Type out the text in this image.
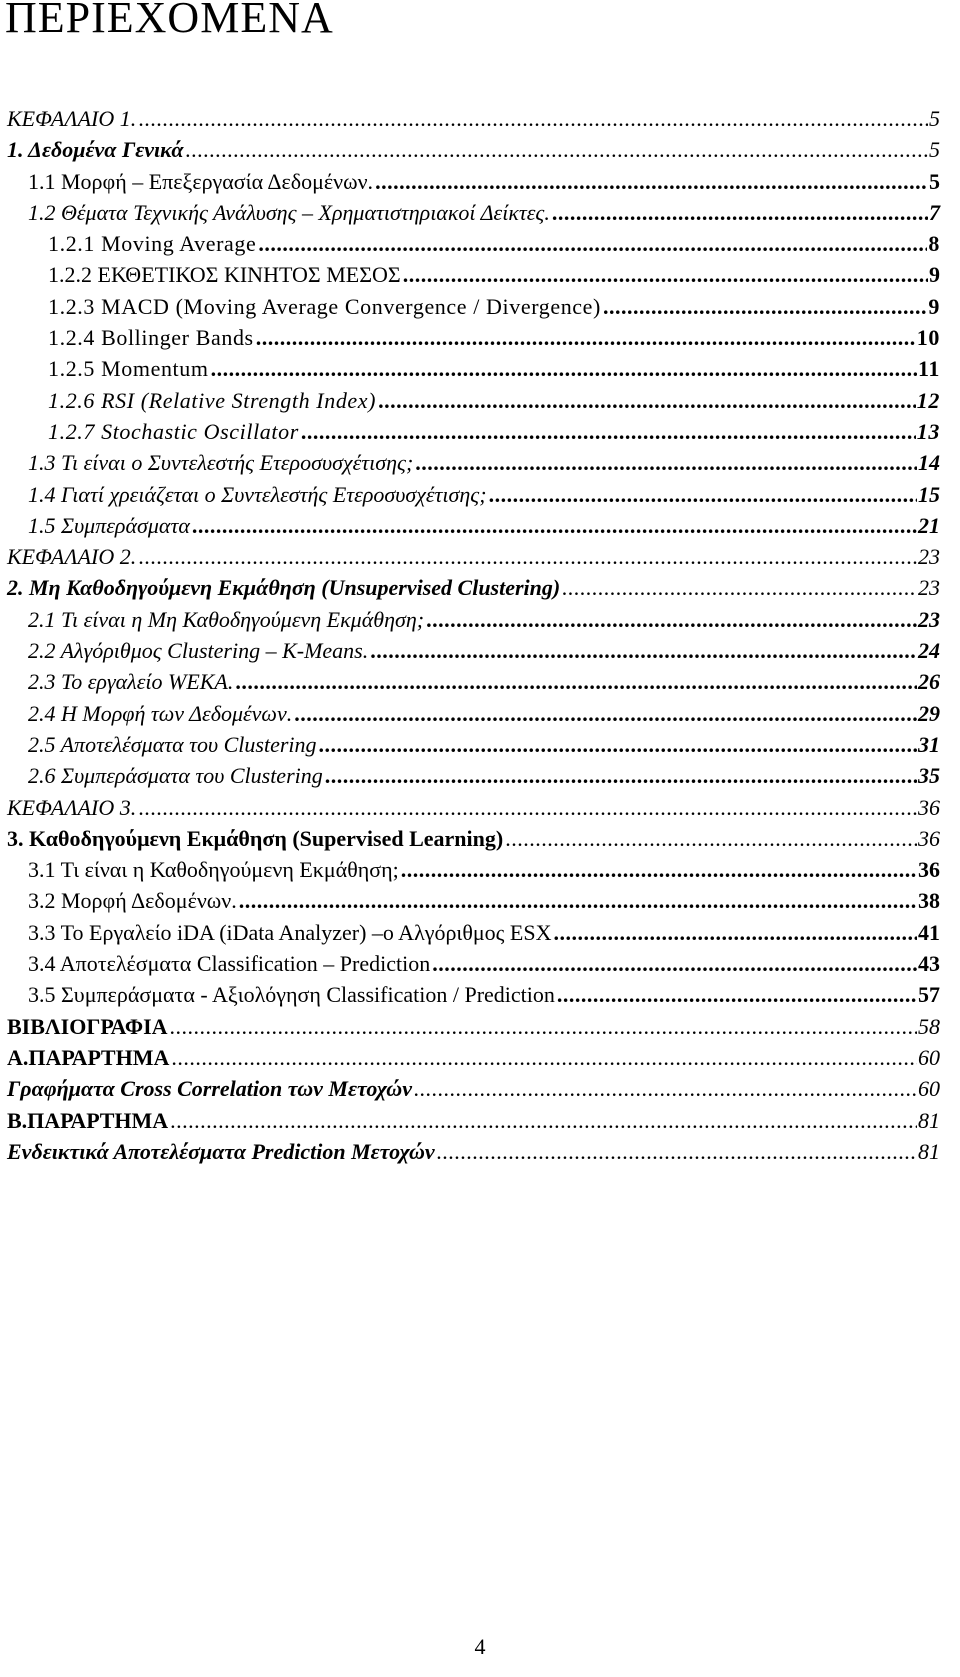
ΠΕΡΙΕΧΟΜΕΝΑ
ΚΕΦΑΛΑΙΟ 1. .....	5
1. Δεδομένα Γενικά .....	5
1.1 Μορφή – Επεξεργασία Δεδομένων. .....	5
1.2 Θέματα Τεχνικής Ανάλυσης – Χρηματιστηριακοί Δείκτες. .....	7
1.2.1 Moving Average .....	8
1.2.2 ΕΚΘΕΤΙΚΟΣ ΚΙΝΗΤΟΣ ΜΕΣΟΣ .....	9
1.2.3 MACD (Moving Average Convergence / Divergence) .....	9
1.2.4 Bollinger Bands .....	10
1.2.5 Momentum .....	11
1.2.6 RSI (Relative Strength Index) .....	12
1.2.7 Stochastic Oscillator .....	13
1.3 Τι είναι ο Συντελεστής Ετεροσυσχέτισης; .....	14
1.4 Γιατί χρειάζεται ο Συντελεστής Ετεροσυσχέτισης; .....	15
1.5 Συμπεράσματα .....	21
ΚΕΦΑΛΑΙΟ 2. .....	23
2. Μη Καθοδηγούμενη Εκμάθηση (Unsupervised Clustering) .....	23
2.1 Τι είναι η Μη Καθοδηγούμενη Εκμάθηση; .....	23
2.2 Αλγόριθμος Clustering – K-Means. .....	24
2.3 Το εργαλείο WEKA. .....	26
2.4 Η Μορφή των Δεδομένων. .....	29
2.5 Αποτελέσματα του Clustering .....	31
2.6 Συμπεράσματα του Clustering .....	35
ΚΕΦΑΛΑΙΟ 3. .....	36
3. Καθοδηγούμενη Εκμάθηση (Supervised Learning) .....	36
3.1 Τι είναι η Καθοδηγούμενη Εκμάθηση; .....	36
3.2 Μορφή Δεδομένων. .....	38
3.3 Το Εργαλείο iDA (iData Analyzer) –ο Αλγόριθμος ESX .....	41
3.4 Αποτελέσματα Classification – Prediction .....	43
3.5 Συμπεράσματα - Αξιολόγηση Classification / Prediction .....	57
ΒΙΒΛΙΟΓΡΑΦΙΑ .....	58
Α.ΠΑΡΑΡΤΗΜΑ .....	60
Γραφήματα Cross Correlation των Μετοχών .....	60
Β.ΠΑΡΑΡΤΗΜΑ .....	81
Ενδεικτικά Αποτελέσματα Prediction Μετοχών .....	81
4
